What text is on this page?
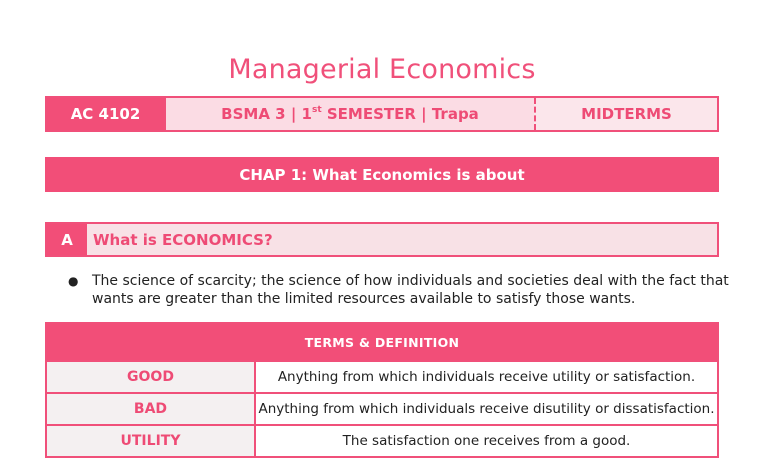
Managerial Economics
AC 4102	BSMA 3 | 1st SEMESTER | Trapa	MIDTERMS
CHAP 1: What Economics is about
A	What is ECONOMICS?
● The science of scarcity; the science of how individuals and societies deal with the fact that wants are greater than the limited resources available to satisfy those wants.
TERMS & DEFINITION	
GOOD	Anything from which individuals receive utility or satisfaction.
BAD	Anything from which individuals receive disutility or dissatisfaction.
UTILITY	The satisfaction one receives from a good.
